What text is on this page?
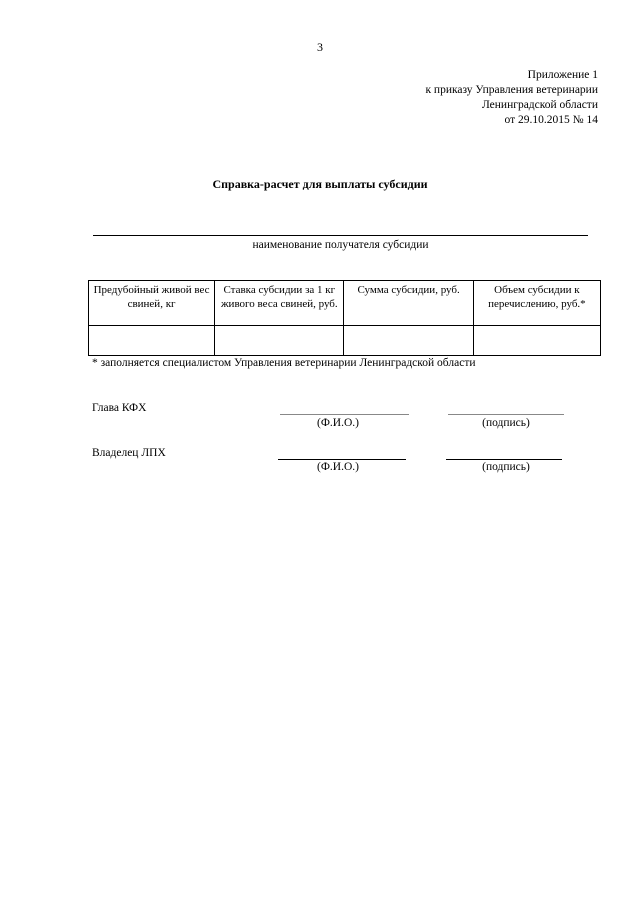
3
Приложение 1
к приказу Управления ветеринарии
Ленинградской области
от 29.10.2015 № 14
Справка-расчет для выплаты субсидии
наименование получателя субсидии
Предубойный живой вес свиней, кг	Ставка субсидии за 1 кг живого веса свиней, руб.	Сумма субсидии, руб.	Объем субсидии к перечислению, руб.*

* заполняется специалистом Управления ветеринарии Ленинградской области
Глава КФХ
(Ф.И.О.)	(подпись)
Владелец ЛПХ
(Ф.И.О.)	(подпись)
